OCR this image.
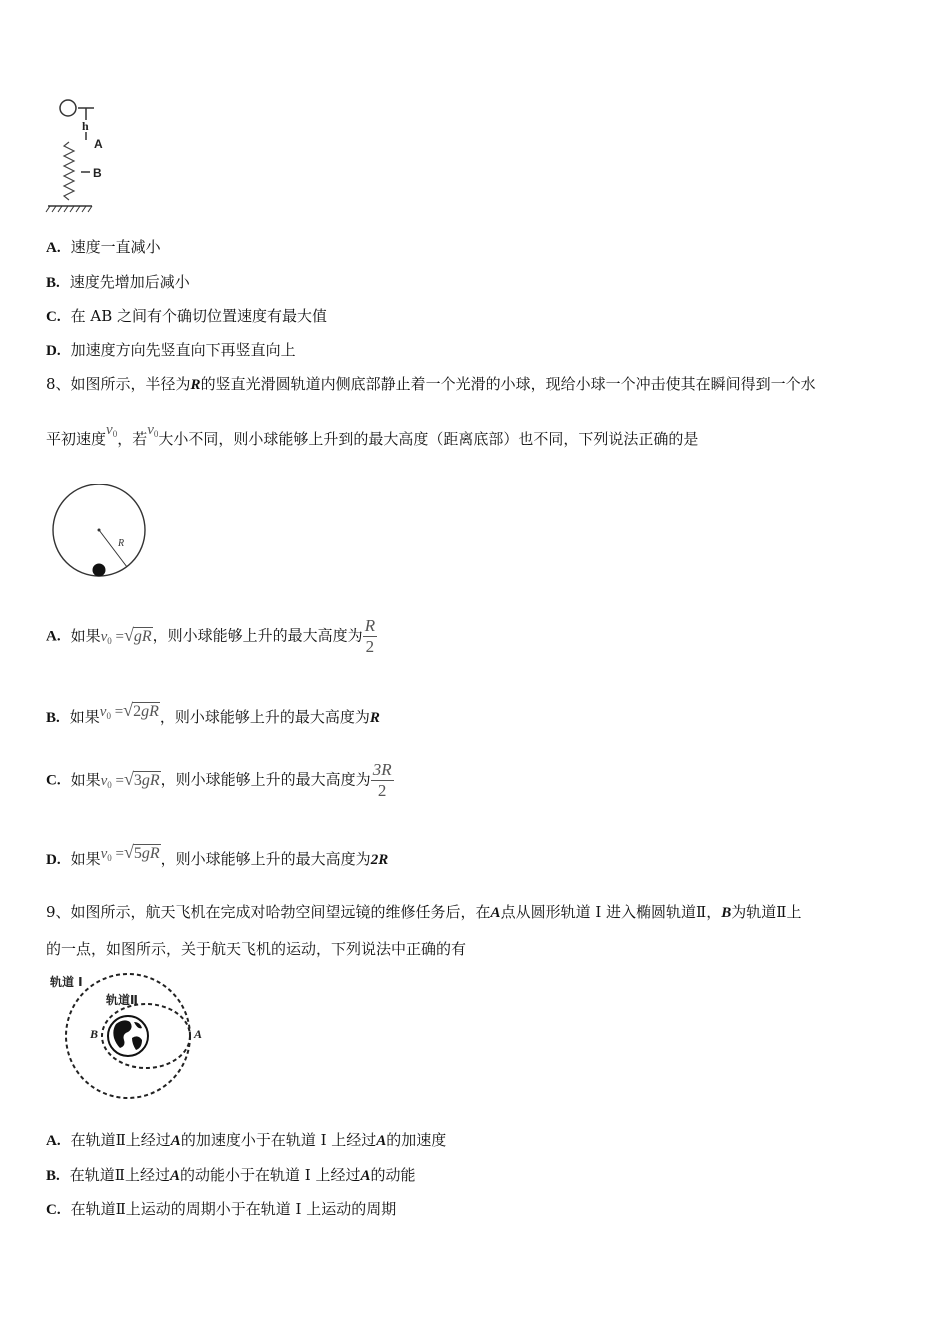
h
A
B
A. 速度一直减小
B. 速度先增加后减小
C. 在 AB 之间有个确切位置速度有最大值
D. 加速度方向先竖直向下再竖直向上
8、如图所示，半径为R的竖直光滑圆轨道内侧底部静止着一个光滑的小球，现给小球一个冲击使其在瞬间得到一个水
平初速度$v_0$，若$v_0$大小不同，则小球能够上升到的最大高度（距离底部）也不同，下列说法正确的是
R
A. 如果$v_0 =√gR$，则小球能够上升的最大高度为 $\frac{R}{2}$
B. 如果$v_0 =√2gR$，则小球能够上升的最大高度为R
C. 如果$v_0 =√3gR$，则小球能够上升的最大高度为 $\frac{3R}{2}$
D. 如果$v_0 =√5gR$，则小球能够上升的最大高度为2R
9、如图所示，航天飞机在完成对哈勃空间望远镜的维修任务后，在A点从圆形轨道 I 进入椭圆轨道Ⅱ，B为轨道Ⅱ上
的一点，如图所示，关于航天飞机的运动，下列说法中正确的有
轨道 I
轨道Ⅱ
B	A
A. 在轨道Ⅱ上经过A的加速度小于在轨道 I 上经过A的加速度
B. 在轨道Ⅱ上经过A的动能小于在轨道 I 上经过A的动能
C. 在轨道Ⅱ上运动的周期小于在轨道 I 上运动的周期
